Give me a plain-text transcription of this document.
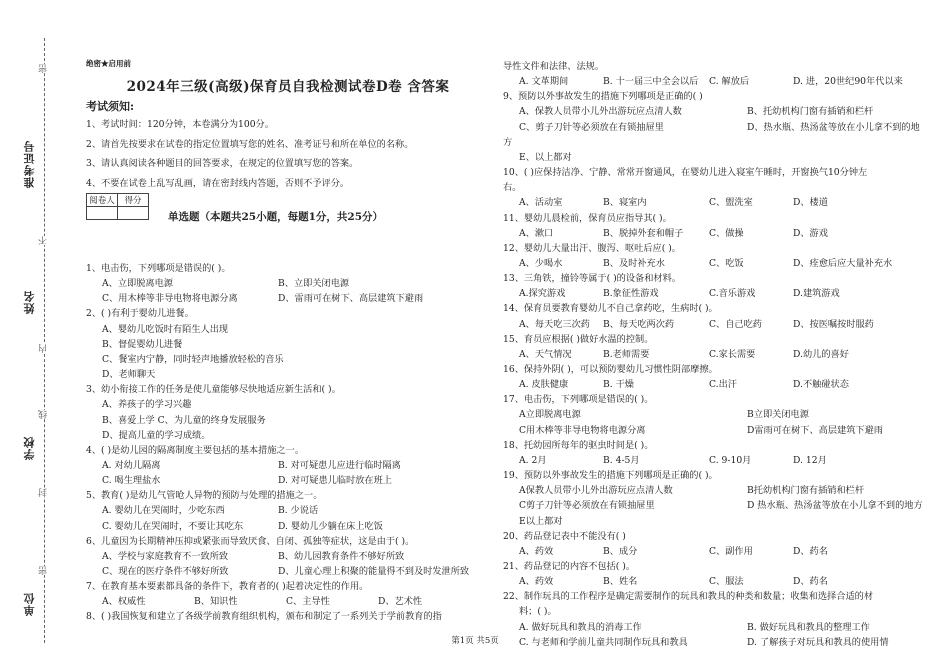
准考证号
姓名
学校
单位
密
不
内
线
封
密
绝密★启用前
2024年三级(高级)保育员自我检测试卷D卷 含答案
考试须知:
1、考试时间：120分钟，本卷满分为100分。
2、请首先按要求在试卷的指定位置填写您的姓名、准考证号和所在单位的名称。
3、请认真阅读各种题目的回答要求，在规定的位置填写您的答案。
4、不要在试卷上乱写乱画，请在密封线内答题，否则不予评分。
阅卷人	得分

单选题（本题共25小题，每题1分，共25分）
1、电击伤，下列哪项是错误的( )。
A、立即脱离电源	B、立即关闭电源
C、用木棒等非导电物将电源分离	D、雷雨可在树下、高层建筑下避雨
2、( )有利于婴幼儿进餐。
A、婴幼儿吃饭时有陌生人出现
B、督促婴幼儿进餐
C、餐室内宁静，同时轻声地播放轻松的音乐
D、老师聊天
3、幼小衔接工作的任务是使儿童能够尽快地适应新生活和( )。
A、养孩子的学习兴趣
B、喜爱上学 C、为儿童的终身发展服务
D、提高儿童的学习成绩。
4、( )是幼儿园的隔离制度主要包括的基本措施之一。
A. 对幼儿隔离	B. 对可疑患儿应进行临时隔离
C. 喝生理盐水	D. 对可疑患儿临时放在班上
5、教育( )是幼儿气管呛人异物的预防与处理的措施之一。
A. 婴幼儿在哭闹时，少吃东西	B. 少说话
C. 婴幼儿在哭闹时，不要让其吃东	D. 婴幼儿少躺在床上吃饭
6、儿童因为长期精神压抑或紧张而导致厌食、自闭、孤独等症状，这是由于( )。
A、学校与家庭教育不一致所致	B、幼儿园教育条件不够好所致
C、现在的医疗条件不够好所致	D、儿童心理上积聚的能量得不到及时发泄所致
7、在教育基本要素都具备的条件下，教育者的( )起着决定性的作用。
A、权威性	B、知识性	C、主导性	D、艺术性
8、( )我国恢复和建立了各级学前教育组织机构，颁布和制定了一系列关于学前教育的指
导性文件和法律、法规。
A. 文革期间	B. 十一届三中全会以后 C. 解放后	D. 进，20世纪90年代以来
9、预防以外事故发生的措施下列哪项是正确的( )
A、保教人员带小儿外出游玩应点清人数	B、托幼机构门窗有插销和栏杆
C、剪子刀针等必须放在有锁抽屉里	D、热水瓶、热汤盆等放在小儿拿不到的地
方
E、以上都对
10、( )应保持洁净、宁静、常常开窗通风，在婴幼儿进入寝室午睡时，开窗换气10分钟左
右。
A、活动室	B、寝室内	C、盥洗室	D、楼道
11、婴幼儿晨检前，保育员应指导其( )。
A、漱口	B、脱掉外套和帽子	C、做操	D、游戏
12、婴幼儿大量出汗、腹泻、呕吐后应( )。
A、少喝水	B、及时补充水	C、吃饭	D、痊愈后应大量补充水
13、三角铁，撞铃等属于( )的设备和材料。
A.探究游戏	B.象征性游戏	C.音乐游戏	D.建筑游戏
14、保育员要教育婴幼儿不自己拿药吃，生病时( )。
A、每天吃三次药 B、每天吃两次药	C、自己吃药	D、按医嘱按时服药
15、育员应根据( )做好水温的控制。
A、天气情况	B.老师需要	C.家长需要	D.幼儿的喜好
16、保持外阴( )，可以预防婴幼儿习惯性阴部摩擦。
A. 皮肤健康	B. 干燥	C.出汗	D.不触碰状态
17、电击伤，下列哪项是错误的( )。
A立即脱离电源	B立即关闭电源
C用木棒等非导电物将电源分离	D雷雨可在树下、高层建筑下避雨
18、托幼园所每年的驱虫时间是( )。
A. 2月	B. 4-5月	C. 9-10月	D. 12月
19、预防以外事故发生的措施下列哪项是正确的( )。
A保教人员带小儿外出游玩应点清人数	B托幼机构门窗有插销和栏杆
C剪子刀针等必须放在有锁抽屉里	D 热水瓶、热汤盆等放在小儿拿不到的地方
E以上都对
20、药品登记表中不能没有( )
A、药效	B、成分	C、副作用	D、药名
21、药品登记的内容不包括( )。
A、药效	B、姓名	C、服法	D、药名
22、制作玩具的工作程序是确定需要制作的玩具和教具的种类和数量；收集和选择合适的材
料；( )。
A. 做好玩具和教具的消毒工作	B. 做好玩具和教具的整理工作
C. 与老师和学前儿童共同制作玩具和教具	D. 了解孩子对玩具和教具的使用情
第1页 共5页
